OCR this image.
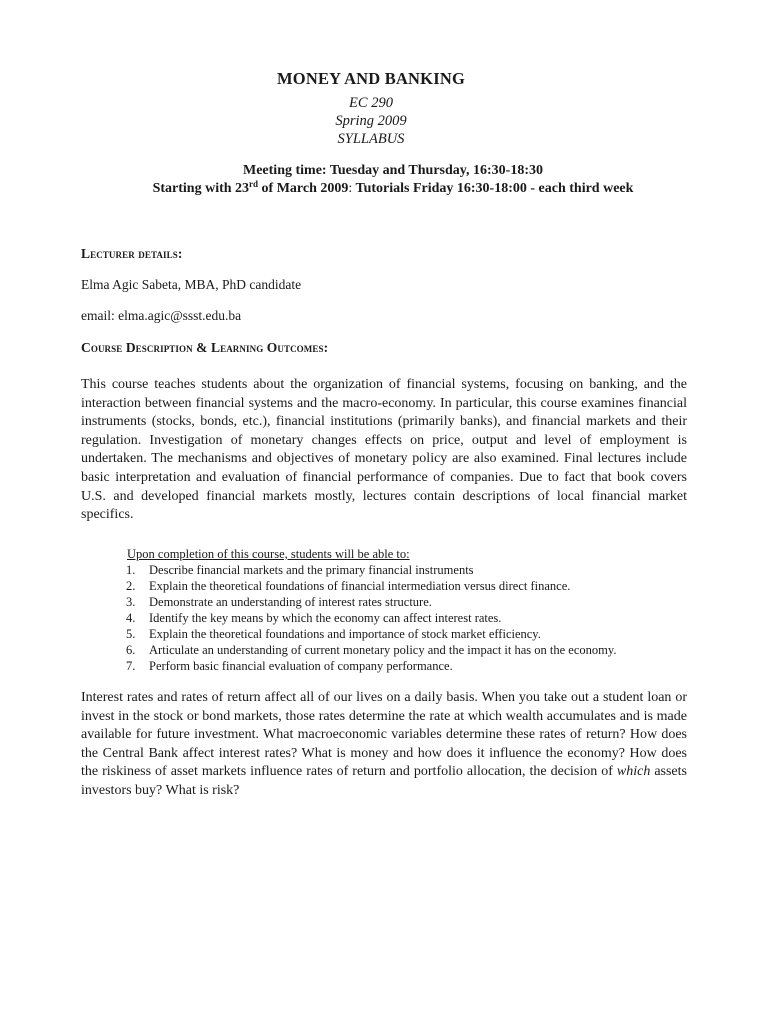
MONEY AND BANKING
EC 290
Spring 2009
SYLLABUS
Meeting time: Tuesday and Thursday, 16:30-18:30
Starting with 23rd of March 2009: Tutorials Friday 16:30-18:00 - each third week
Lecturer details:
Elma Agic Sabeta, MBA, PhD candidate
email: elma.agic@ssst.edu.ba
Course Description & Learning Outcomes:
This course teaches students about the organization of financial systems, focusing on banking, and the interaction between financial systems and the macro-economy. In particular, this course examines financial instruments (stocks, bonds, etc.), financial institutions (primarily banks), and financial markets and their regulation. Investigation of monetary changes effects on price, output and level of employment is undertaken. The mechanisms and objectives of monetary policy are also examined. Final lectures include basic interpretation and evaluation of financial performance of companies. Due to fact that book covers U.S. and developed financial markets mostly, lectures contain descriptions of local financial market specifics.

Upon completion of this course, students will be able to:

1. Describe financial markets and the primary financial instruments
2. Explain the theoretical foundations of financial intermediation versus direct finance.
3. Demonstrate an understanding of interest rates structure.
4. Identify the key means by which the economy can affect interest rates.
5. Explain the theoretical foundations and importance of stock market efficiency.
6. Articulate an understanding of current monetary policy and the impact it has on the economy.
7. Perform basic financial evaluation of company performance.
Interest rates and rates of return affect all of our lives on a daily basis. When you take out a student loan or invest in the stock or bond markets, those rates determine the rate at which wealth accumulates and is made available for future investment. What macroeconomic variables determine these rates of return? How does the Central Bank affect interest rates? What is money and how does it influence the economy? How does the riskiness of asset markets influence rates of return and portfolio allocation, the decision of which assets investors buy? What is risk?
